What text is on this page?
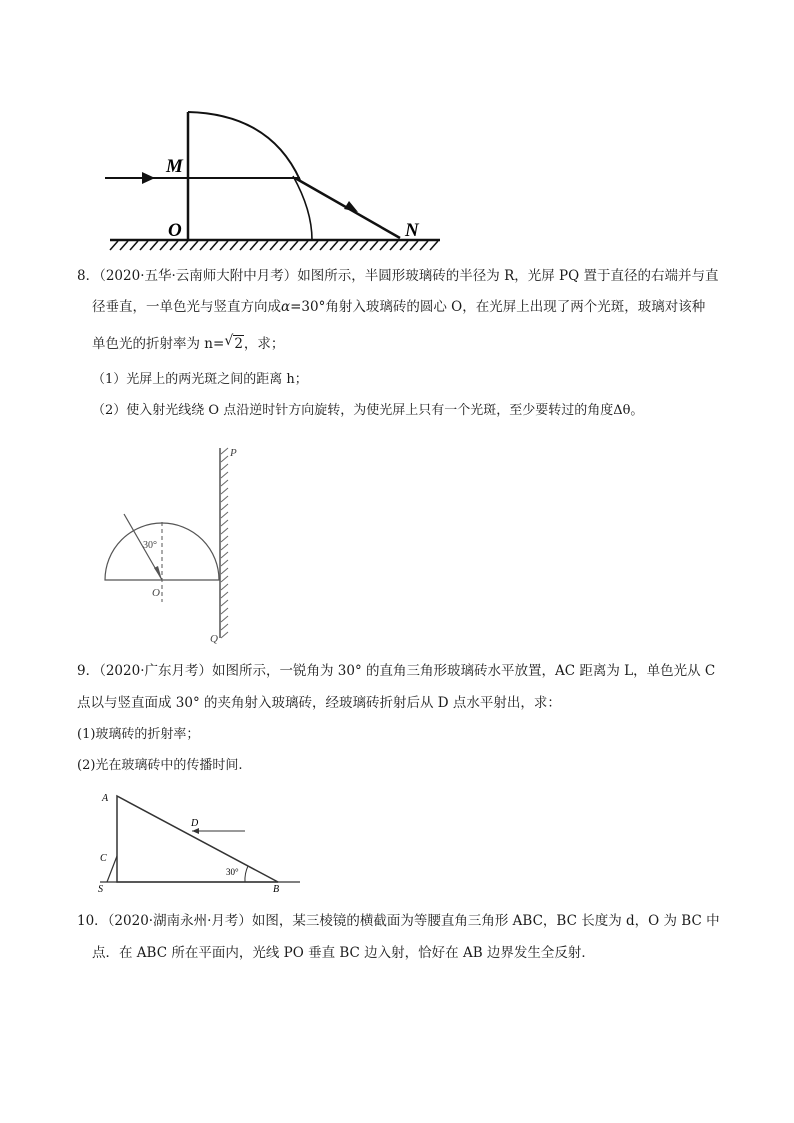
M
O	N
8．（2020·五华·云南师大附中月考）如图所示，半圆形玻璃砖的半径为 R，光屏 PQ 置于直径的右端并与直
径垂直，一单色光与竖直方向成α=30°角射入玻璃砖的圆心 O，在光屏上出现了两个光斑，玻璃对该种
单色光的折射率为 n= √ 2，求；
（1）光屏上的两光斑之间的距离 h；
（2）使入射光线绕 O 点沿逆时针方向旋转，为使光屏上只有一个光斑，至少要转过的角度Δθ。
P
Q
O
30°
9．（2020·广东月考）如图所示，一锐角为 30° 的直角三角形玻璃砖水平放置，AC 距离为 L，单色光从 C
点以与竖直面成 30° 的夹角射入玻璃砖，经玻璃砖折射后从 D 点水平射出，求：
(1)玻璃砖的折射率；
(2)光在玻璃砖中的传播时间.
A
C
S
D
B
30°
10．（2020·湖南永州·月考）如图，某三棱镜的横截面为等腰直角三角形 ABC，BC 长度为 d，O 为 BC 中
点．在 ABC 所在平面内，光线 PO 垂直 BC 边入射，恰好在 AB 边界发生全反射．
